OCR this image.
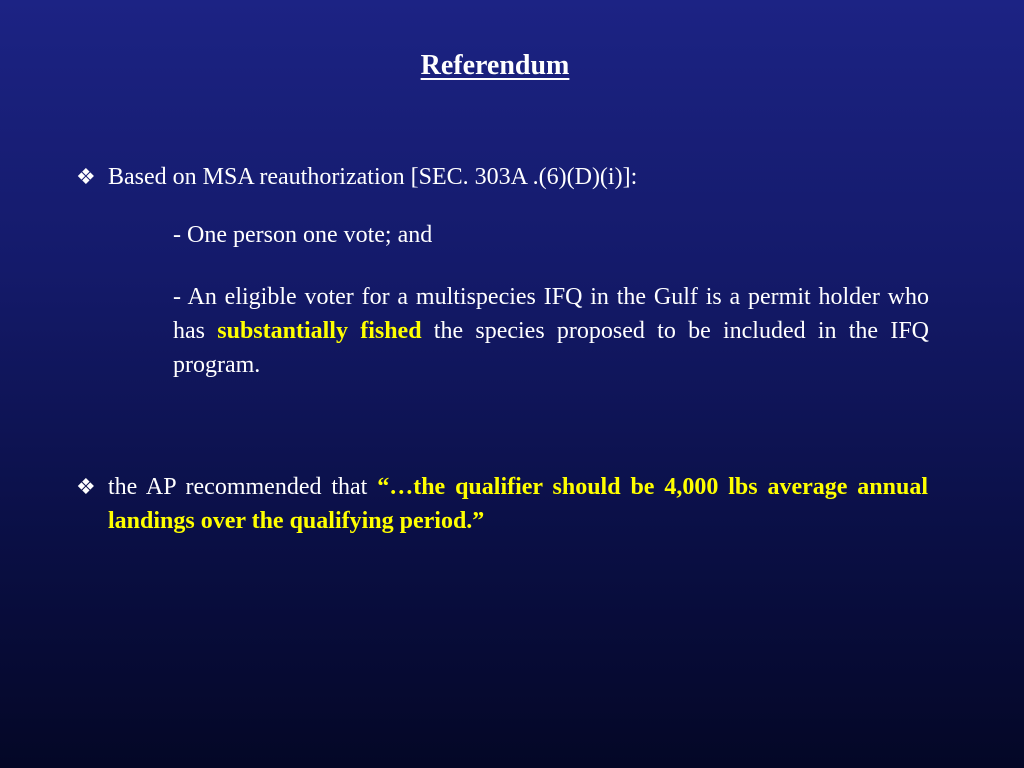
Referendum
❖ Based on MSA reauthorization [SEC. 303A .(6)(D)(i)]:
- One person one vote; and
- An eligible voter for a multispecies IFQ in the Gulf is a permit holder who has substantially fished the species proposed to be included in the IFQ program.
❖ the AP recommended that “…the qualifier should be 4,000 lbs average annual landings over the qualifying period.”
